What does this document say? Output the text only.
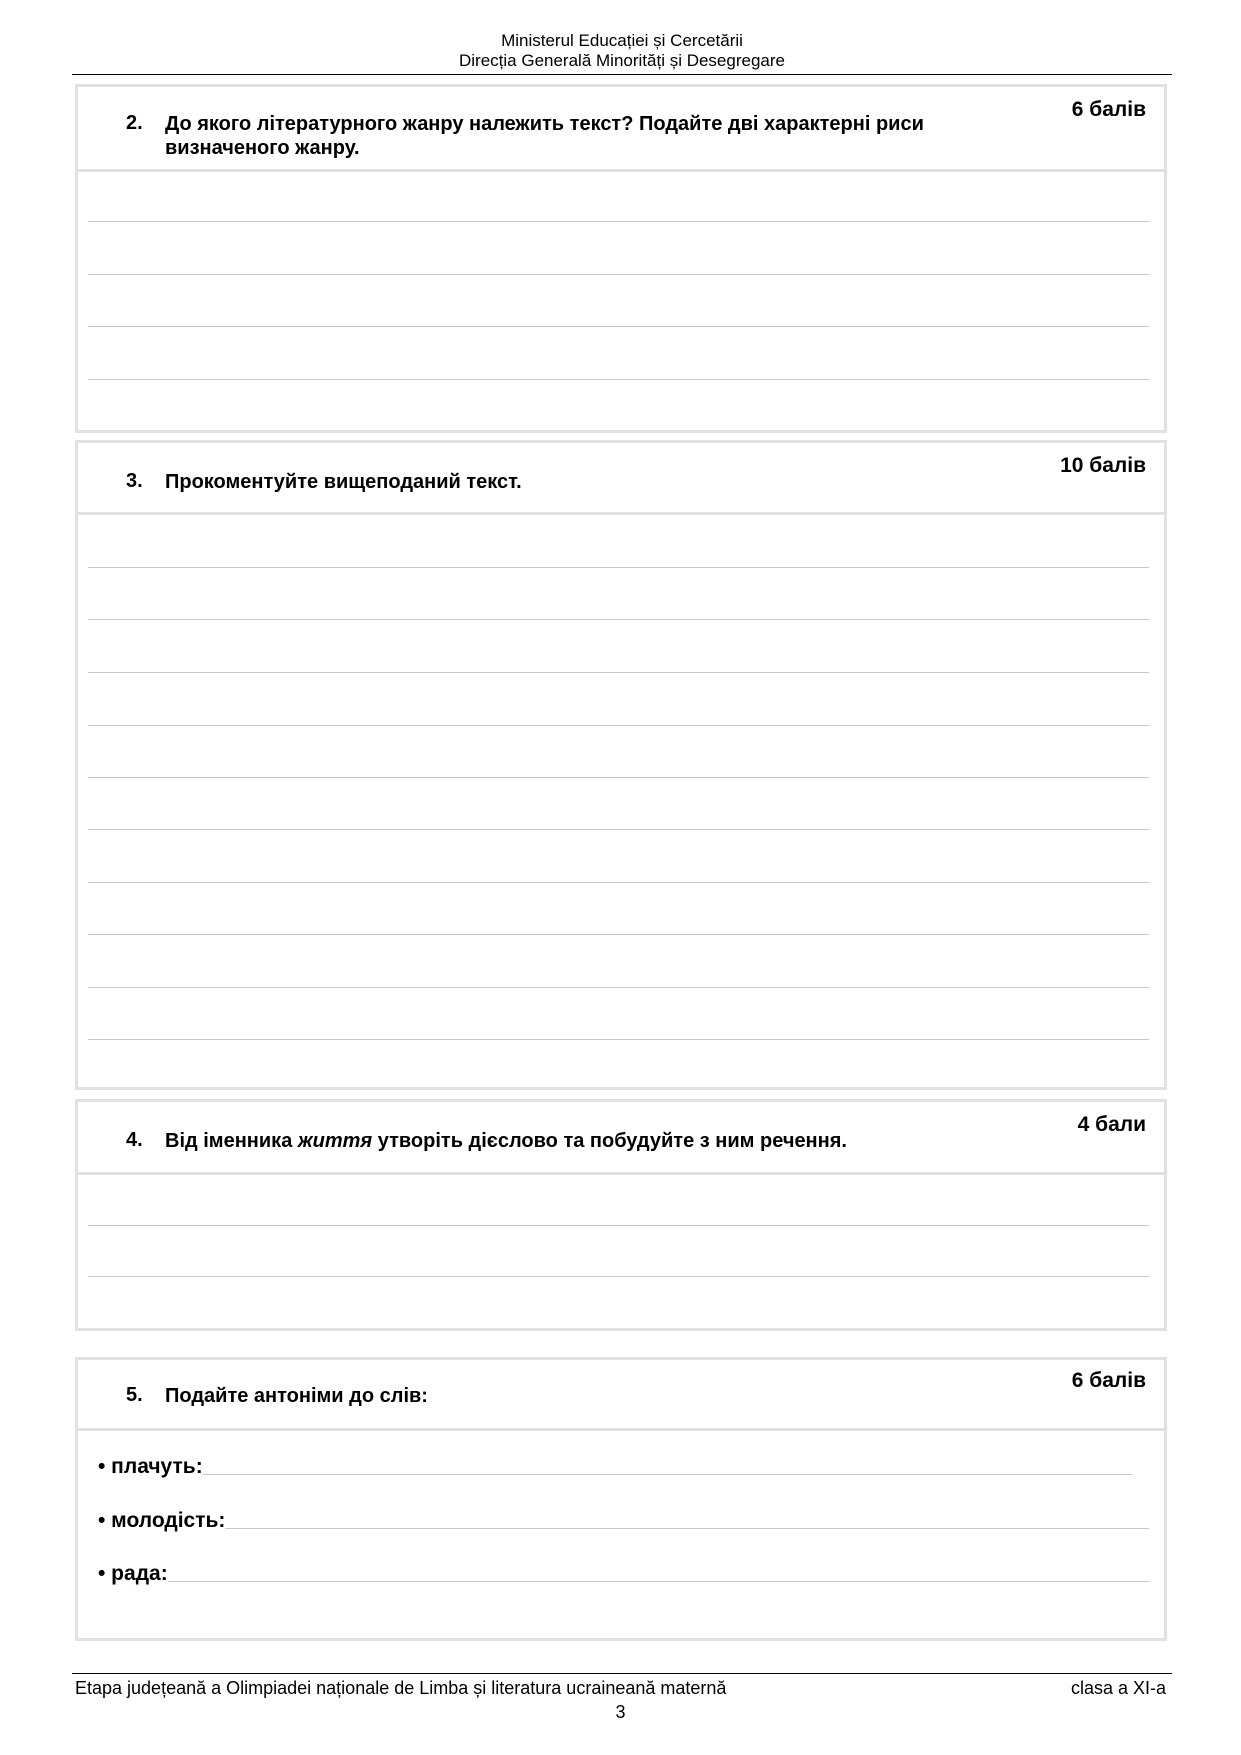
Ministerul Educației și Cercetării
Direcția Generală Minorități și Desegregare
2. До якого літературного жанру належить текст? Подайте дві характерні риси визначеного жанру.
6 балів
3. Прокоментуйте вищеподаний текст.
10 балів
4. Від іменника життя утворіть дієслово та побудуйте з ним речення.
4 бали
5. Подайте антоніми до слів:
6 балів
• плачуть:
• молодість:
• рада:
Etapa județeană a Olimpiadei naționale de Limba și literatura ucraineană maternă	clasa a XI-a
3
